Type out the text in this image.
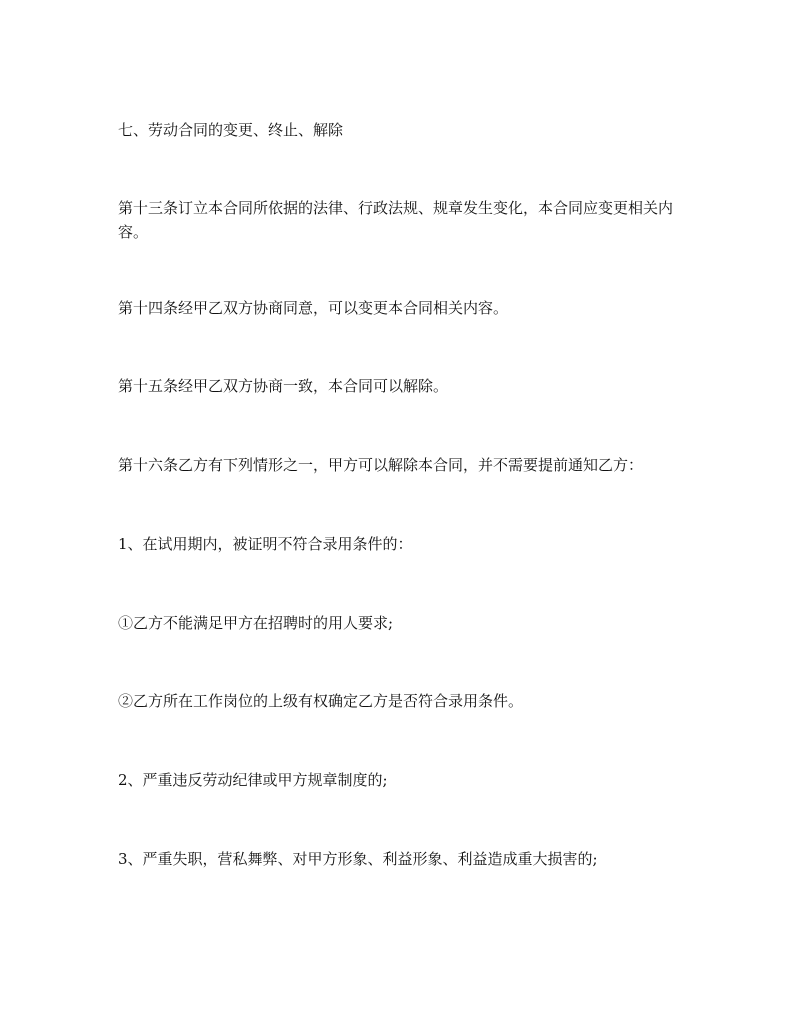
七、劳动合同的变更、终止、解除

第十三条订立本合同所依据的法律、行政法规、规章发生变化，本合同应变更相关内容。

第十四条经甲乙双方协商同意，可以变更本合同相关内容。

第十五条经甲乙双方协商一致，本合同可以解除。

第十六条乙方有下列情形之一，甲方可以解除本合同，并不需要提前通知乙方：

1、在试用期内，被证明不符合录用条件的：

①乙方不能满足甲方在招聘时的用人要求;

②乙方所在工作岗位的上级有权确定乙方是否符合录用条件。

2、严重违反劳动纪律或甲方规章制度的;

3、严重失职，营私舞弊、对甲方形象、利益形象、利益造成重大损害的;
